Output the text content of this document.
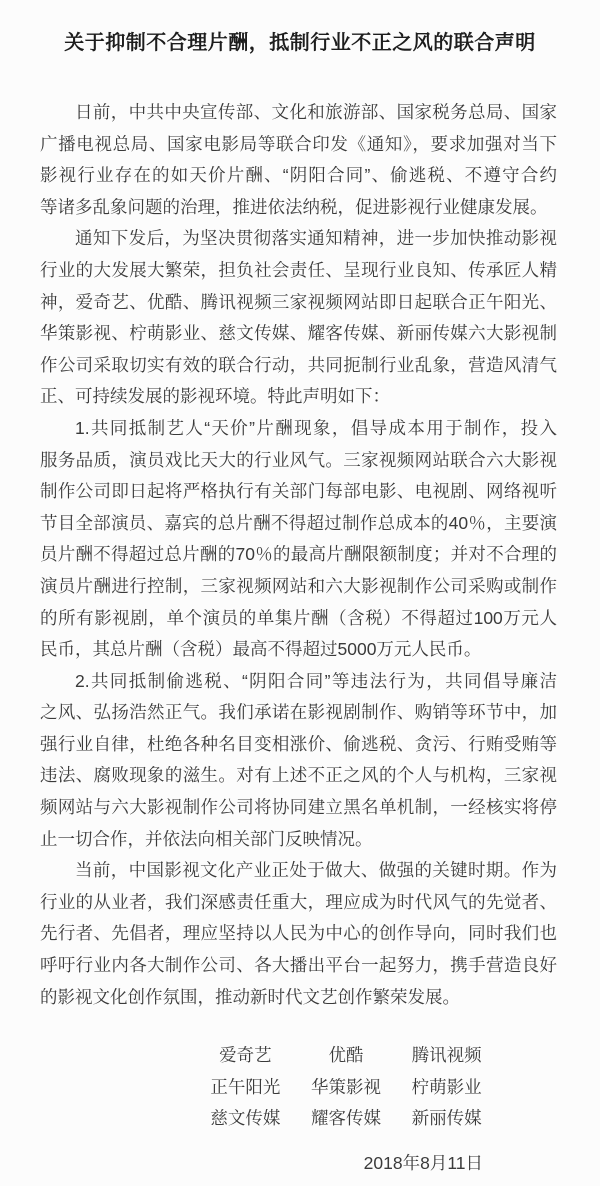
关于抑制不合理片酬，抵制行业不正之风的联合声明
日前，中共中央宣传部、文化和旅游部、国家税务总局、国家
广播电视总局、国家电影局等联合印发《通知》，要求加强对当下
影视行业存在的如天价片酬、“阴阳合同”、偷逃税、不遵守合约
等诸多乱象问题的治理，推进依法纳税，促进影视行业健康发展。
通知下发后，为坚决贯彻落实通知精神，进一步加快推动影视
行业的大发展大繁荣，担负社会责任、呈现行业良知、传承匠人精
神，爱奇艺、优酷、腾讯视频三家视频网站即日起联合正午阳光、
华策影视、柠萌影业、慈文传媒、耀客传媒、新丽传媒六大影视制
作公司采取切实有效的联合行动，共同扼制行业乱象，营造风清气
正、可持续发展的影视环境。特此声明如下：
1.共同抵制艺人“天价”片酬现象，倡导成本用于制作，投入
服务品质，演员戏比天大的行业风气。三家视频网站联合六大影视
制作公司即日起将严格执行有关部门每部电影、电视剧、网络视听
节目全部演员、嘉宾的总片酬不得超过制作总成本的40％，主要演
员片酬不得超过总片酬的70％的最高片酬限额制度；并对不合理的
演员片酬进行控制，三家视频网站和六大影视制作公司采购或制作
的所有影视剧，单个演员的单集片酬（含税）不得超过100万元人
民币，其总片酬（含税）最高不得超过5000万元人民币。
2.共同抵制偷逃税、“阴阳合同”等违法行为，共同倡导廉洁
之风、弘扬浩然正气。我们承诺在影视剧制作、购销等环节中，加
强行业自律，杜绝各种名目变相涨价、偷逃税、贪污、行贿受贿等
违法、腐败现象的滋生。对有上述不正之风的个人与机构，三家视
频网站与六大影视制作公司将协同建立黑名单机制，一经核实将停
止一切合作，并依法向相关部门反映情况。
当前，中国影视文化产业正处于做大、做强的关键时期。作为
行业的从业者，我们深感责任重大，理应成为时代风气的先觉者、
先行者、先倡者，理应坚持以人民为中心的创作导向，同时我们也
呼吁行业内各大制作公司、各大播出平台一起努力，携手营造良好
的影视文化创作氛围，推动新时代文艺创作繁荣发展。
爱奇艺	优酷	腾讯视频
正午阳光	华策影视	柠萌影业
慈文传媒	耀客传媒	新丽传媒
2018年8月11日
